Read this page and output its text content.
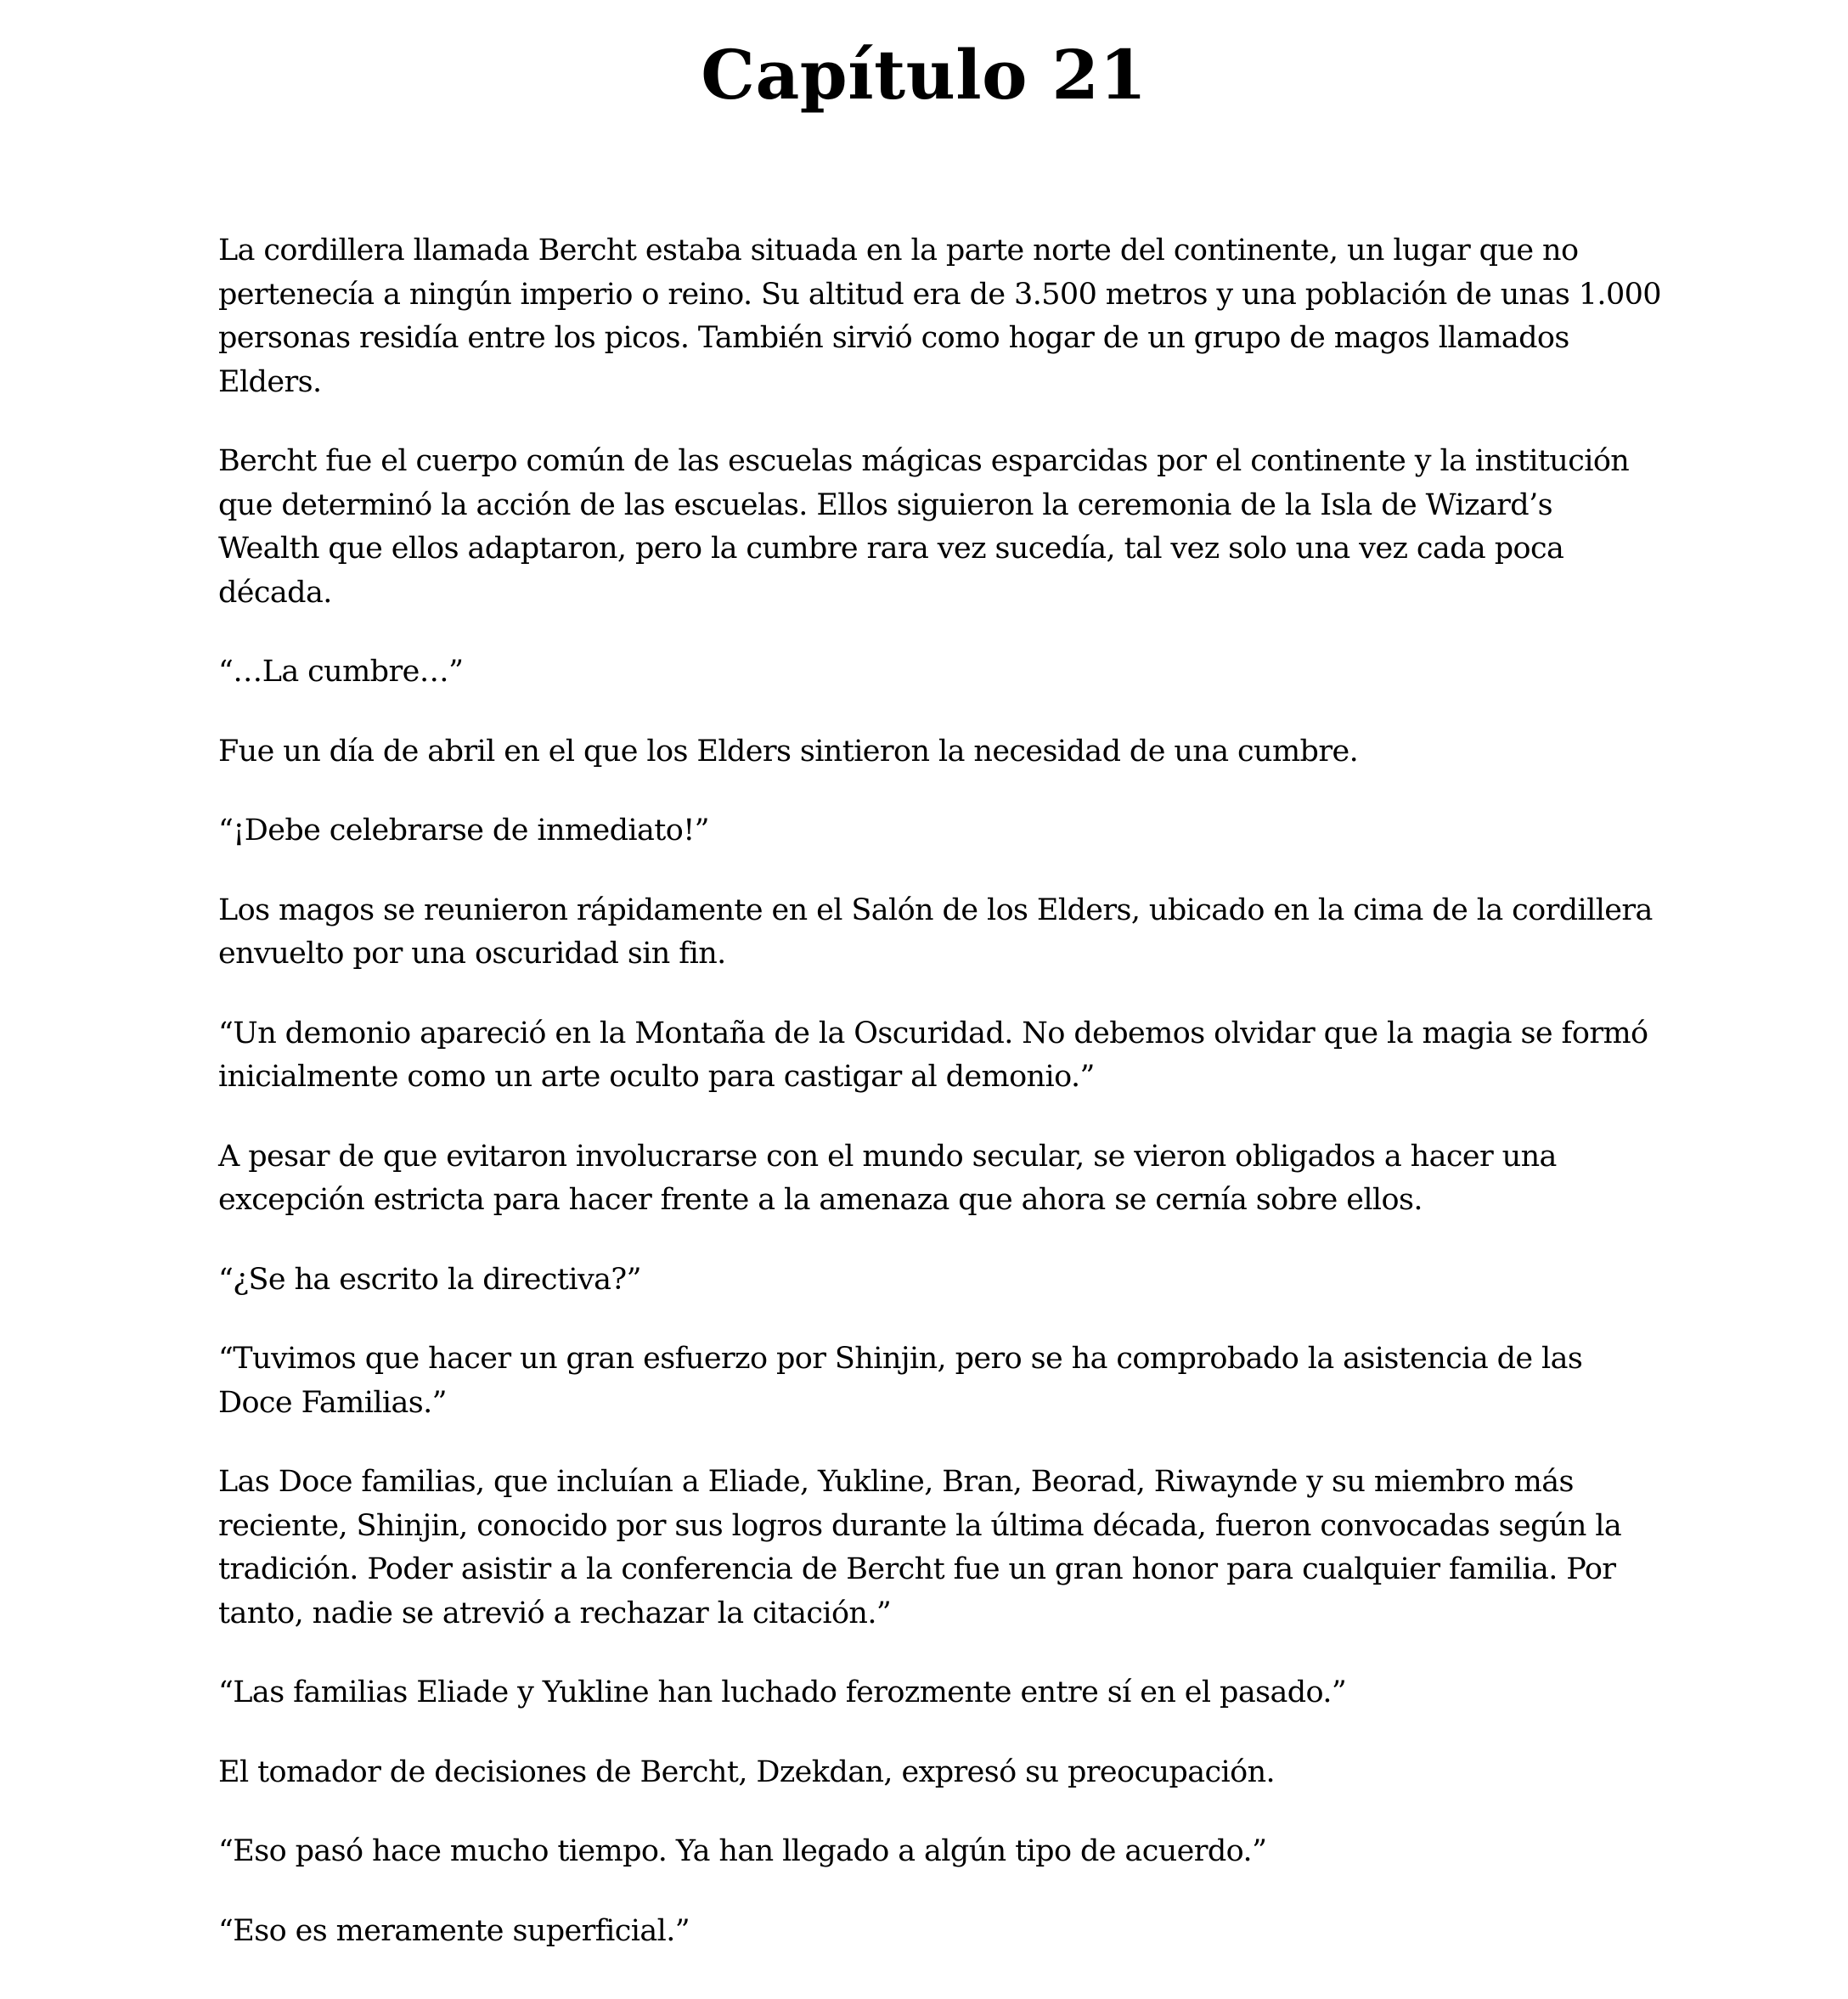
Capítulo 21

La cordillera llamada Bercht estaba situada en la parte norte del continente, un lugar que no pertenecía a ningún imperio o reino. Su altitud era de 3.500 metros y una población de unas 1.000 personas residía entre los picos. También sirvió como hogar de un grupo de magos llamados Elders.

Bercht fue el cuerpo común de las escuelas mágicas esparcidas por el continente y la institución que determinó la acción de las escuelas. Ellos siguieron la ceremonia de la Isla de Wizard’s Wealth que ellos adaptaron, pero la cumbre rara vez sucedía, tal vez solo una vez cada poca década.

“…La cumbre…”

Fue un día de abril en el que los Elders sintieron la necesidad de una cumbre.

“¡Debe celebrarse de inmediato!”

Los magos se reunieron rápidamente en el Salón de los Elders, ubicado en la cima de la cordillera envuelto por una oscuridad sin fin.

“Un demonio apareció en la Montaña de la Oscuridad. No debemos olvidar que la magia se formó inicialmente como un arte oculto para castigar al demonio.”

A pesar de que evitaron involucrarse con el mundo secular, se vieron obligados a hacer una excepción estricta para hacer frente a la amenaza que ahora se cernía sobre ellos.

“¿Se ha escrito la directiva?”

“Tuvimos que hacer un gran esfuerzo por Shinjin, pero se ha comprobado la asistencia de las Doce Familias.”

Las Doce familias, que incluían a Eliade, Yukline, Bran, Beorad, Riwaynde y su miembro más reciente, Shinjin, conocido por sus logros durante la última década, fueron convocadas según la tradición. Poder asistir a la conferencia de Bercht fue un gran honor para cualquier familia. Por tanto, nadie se atrevió a rechazar la citación.”

“Las familias Eliade y Yukline han luchado ferozmente entre sí en el pasado.”

El tomador de decisiones de Bercht, Dzekdan, expresó su preocupación.

“Eso pasó hace mucho tiempo. Ya han llegado a algún tipo de acuerdo.”

“Eso es meramente superficial.”
